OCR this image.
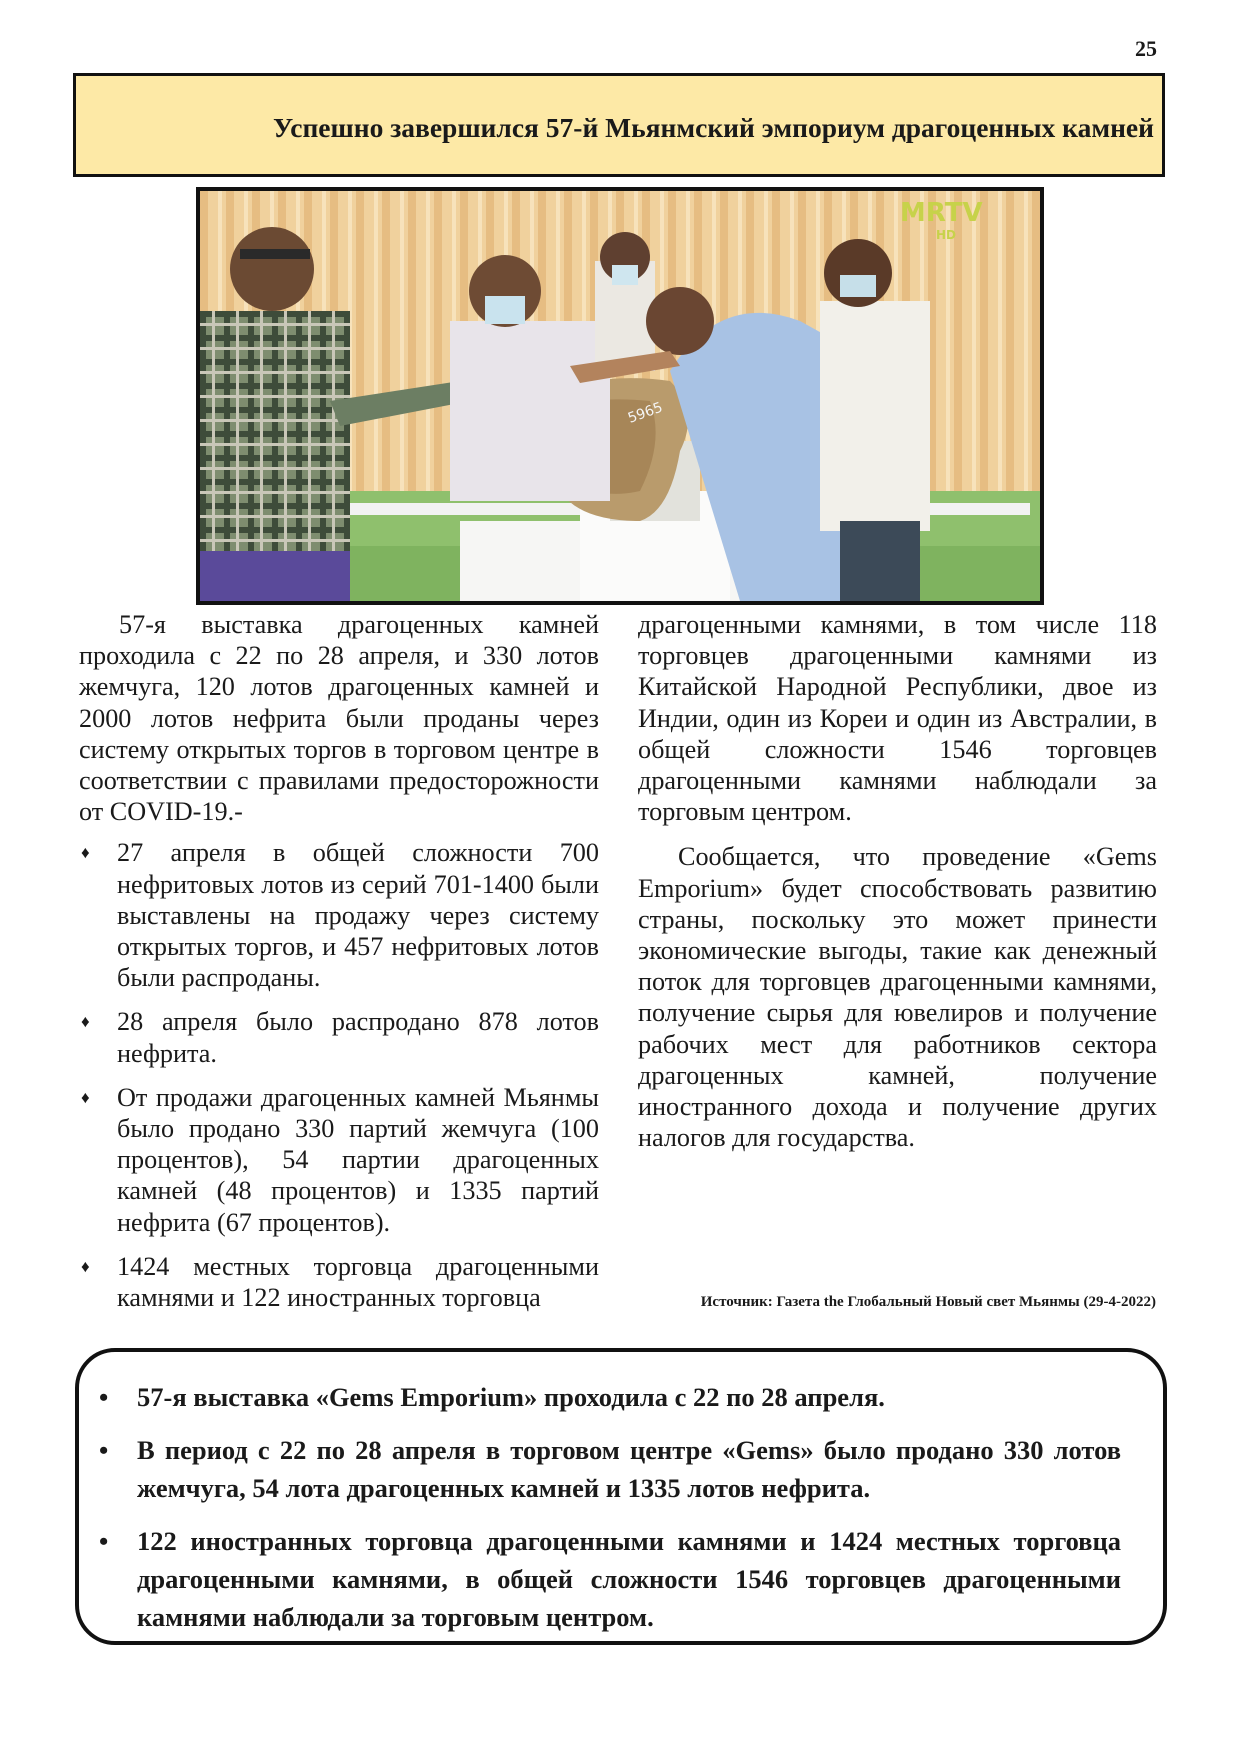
25
Успешно завершился 57-й Мьянмский эмпориум драгоценных камней
5965
MRTV
HD

57-я выставка драгоценных камней проходила с 22 по 28 апреля, и 330 лотов жемчуга, 120 лотов драгоценных камней и 2000 лотов нефрита были проданы через систему открытых торгов в торговом центре в соответствии с правилами предосторожности от COVID-19.-

♦ 27 апреля в общей сложности 700 нефритовых лотов из серий 701-1400 были выставлены на продажу через систему открытых торгов, и 457 нефритовых лотов были распроданы.
♦ 28 апреля было распродано 878 лотов нефрита.
♦ От продажи драгоценных камней Мьянмы было продано 330 партий жемчуга (100 процентов), 54 партии драгоценных камней (48 процентов) и 1335 партий нефрита (67 процентов).
♦ 1424 местных торговца драгоценными камнями и 122 иностранных торговца

драгоценными камнями, в том числе 118 торговцев драгоценными камнями из Китайской Народной Республики, двое из Индии, один из Кореи и один из Австралии, в общей сложности 1546 торговцев драгоценными камнями наблюдали за торговым центром.

Сообщается, что проведение «Gems Emporium» будет способствовать развитию страны, поскольку это может принести экономические выгоды, такие как денежный поток для торговцев драгоценными камнями, получение сырья для ювелиров и получение рабочих мест для работников сектора драгоценных камней, получение иностранного дохода и получение других налогов для государства.

Источник: Газета the Глобальный Новый свет Мьянмы (29-4-2022)
• 57-я выставка «Gems Emporium» проходила с 22 по 28 апреля.
• В период с 22 по 28 апреля в торговом центре «Gems» было продано 330 лотов жемчуга, 54 лота драгоценных камней и 1335 лотов нефрита.
• 122 иностранных торговца драгоценными камнями и 1424 местных торговца драгоценными камнями, в общей сложности 1546 торговцев драгоценными камнями наблюдали за торговым центром.
